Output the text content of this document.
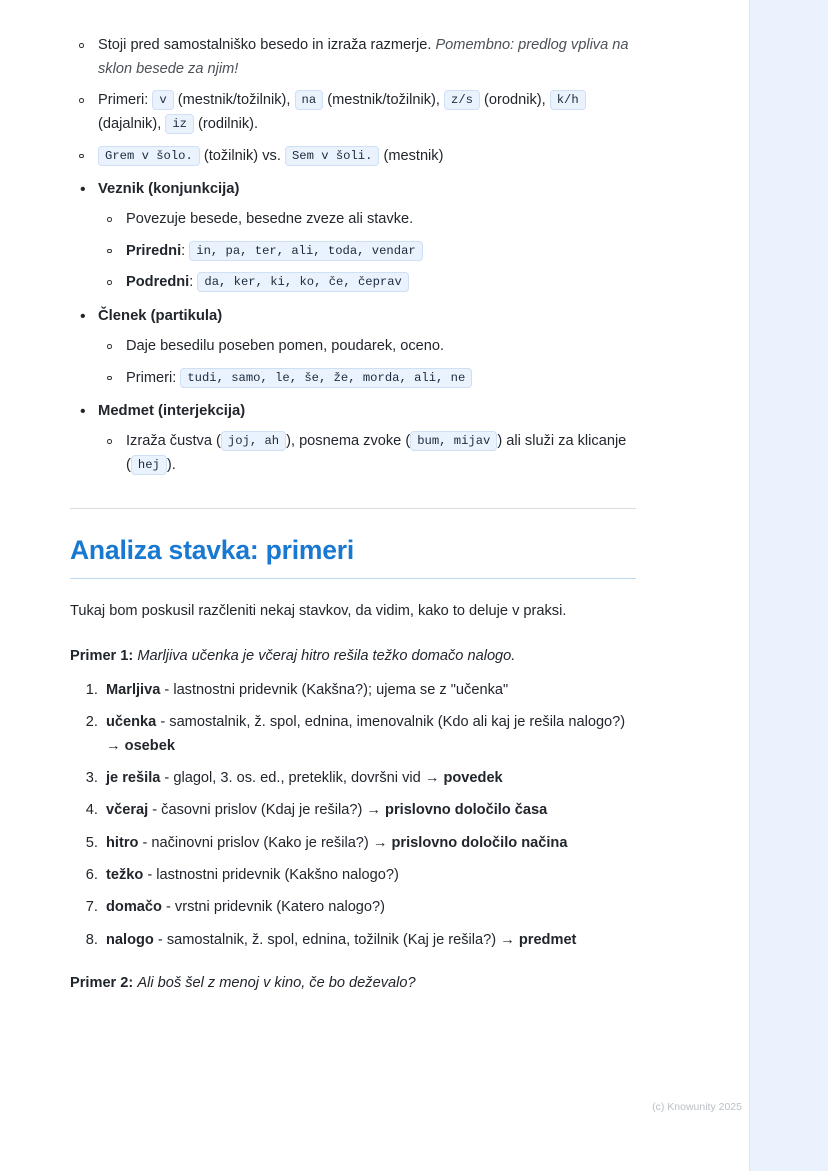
Stoji pred samostalniško besedo in izraža razmerje. Pomembno: predlog vpliva na sklon besede za njim!
Primeri: v (mestnik/tožilnik), na (mestnik/tožilnik), z/s (orodnik), k/h (dajalnik), iz (rodilnik).
Grem v šolo. (tožilnik) vs. Sem v šoli. (mestnik)
• Veznik (konjunkcija)
Povezuje besede, besedne zveze ali stavke.
Priredni: in, pa, ter, ali, toda, vendar
Podredni: da, ker, ki, ko, če, čeprav
• Členek (partikula)
Daje besedilu poseben pomen, poudarek, oceno.
Primeri: tudi, samo, le, še, že, morda, ali, ne
• Medmet (interjekcija)
Izraža čustva ( joj, ah ), posnema zvoke ( bum, mijav ) ali služi za klicanje ( hej ).
Analiza stavka: primeri

Tukaj bom poskusil razčleniti nekaj stavkov, da vidim, kako to deluje v praksi.

Primer 1: Marljiva učenka je včeraj hitro rešila težko domačo nalogo.

1. Marljiva - lastnostni pridevnik (Kakšna?); ujema se z "učenka"
2. učenka - samostalnik, ž. spol, ednina, imenovalnik (Kdo ali kaj je rešila nalogo?) → osebek
3. je rešila - glagol, 3. os. ed., preteklik, dovršni vid → povedek
4. včeraj - časovni prislov (Kdaj je rešila?) → prislovno določilo časa
5. hitro - načinovni prislov (Kako je rešila?) → prislovno določilo načina
6. težko - lastnostni pridevnik (Kakšno nalogo?)
7. domačo - vrstni pridevnik (Katero nalogo?)
8. nalogo - samostalnik, ž. spol, ednina, tožilnik (Kaj je rešila?) → predmet

Primer 2: Ali boš šel z menoj v kino, če bo deževalo?

(c) Knowunity 2025
